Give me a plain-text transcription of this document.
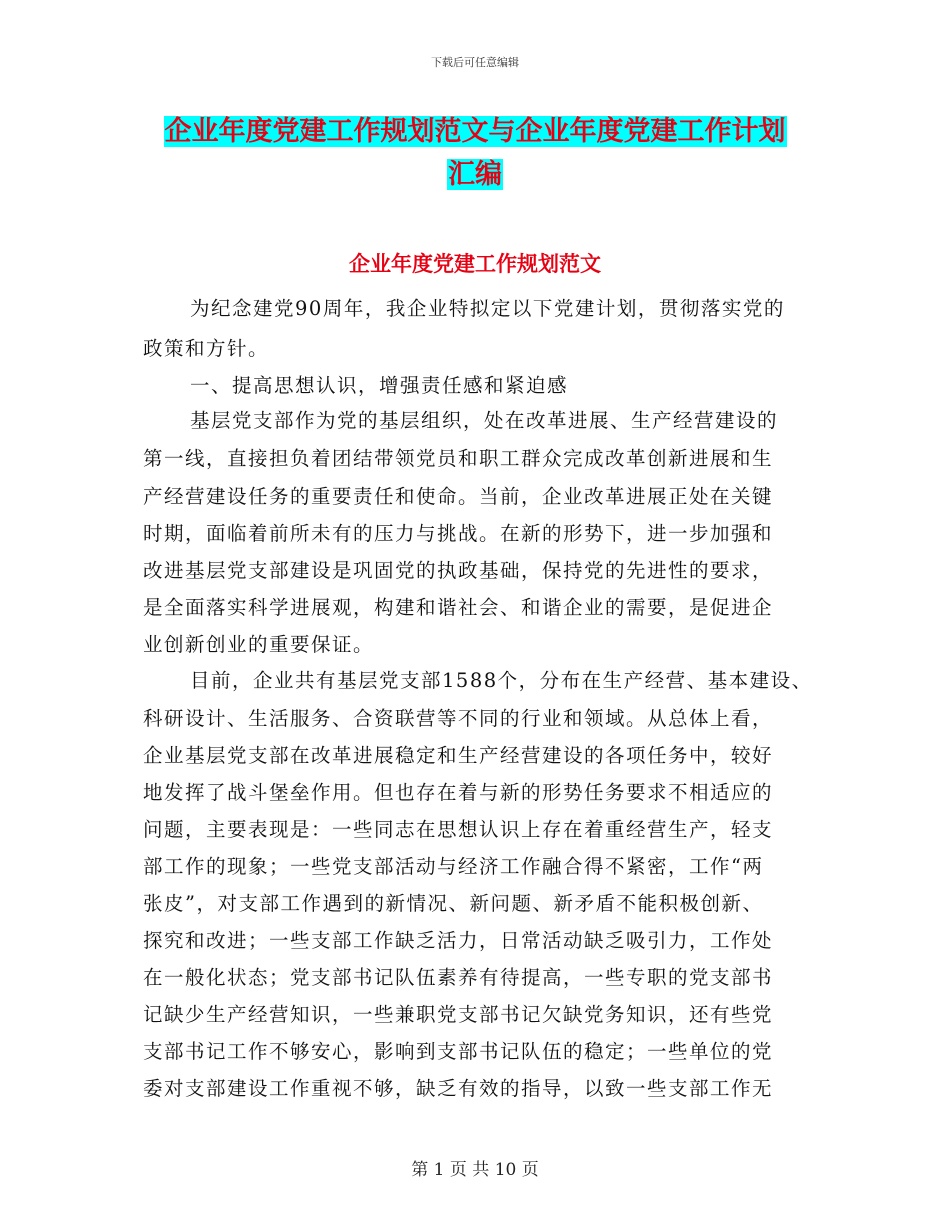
下载后可任意编辑
企业年度党建工作规划范文与企业年度党建工作计划
汇编
企业年度党建工作规划范文
为纪念建党90周年，我企业特拟定以下党建计划，贯彻落实党的
政策和方针。
一、提高思想认识，增强责任感和紧迫感
基层党支部作为党的基层组织，处在改革进展、生产经营建设的
第一线，直接担负着团结带领党员和职工群众完成改革创新进展和生
产经营建设任务的重要责任和使命。当前，企业改革进展正处在关键
时期，面临着前所未有的压力与挑战。在新的形势下，进一步加强和
改进基层党支部建设是巩固党的执政基础，保持党的先进性的要求，
是全面落实科学进展观，构建和谐社会、和谐企业的需要，是促进企
业创新创业的重要保证。
目前，企业共有基层党支部1588个，分布在生产经营、基本建设、
科研设计、生活服务、合资联营等不同的行业和领域。从总体上看，
企业基层党支部在改革进展稳定和生产经营建设的各项任务中，较好
地发挥了战斗堡垒作用。但也存在着与新的形势任务要求不相适应的
问题，主要表现是：一些同志在思想认识上存在着重经营生产，轻支
部工作的现象；一些党支部活动与经济工作融合得不紧密，工作“两
张皮”，对支部工作遇到的新情况、新问题、新矛盾不能积极创新、
探究和改进；一些支部工作缺乏活力，日常活动缺乏吸引力，工作处
在一般化状态；党支部书记队伍素养有待提高，一些专职的党支部书
记缺少生产经营知识，一些兼职党支部书记欠缺党务知识，还有些党
支部书记工作不够安心，影响到支部书记队伍的稳定；一些单位的党
委对支部建设工作重视不够，缺乏有效的指导，以致一些支部工作无
第 1 页 共 10 页
